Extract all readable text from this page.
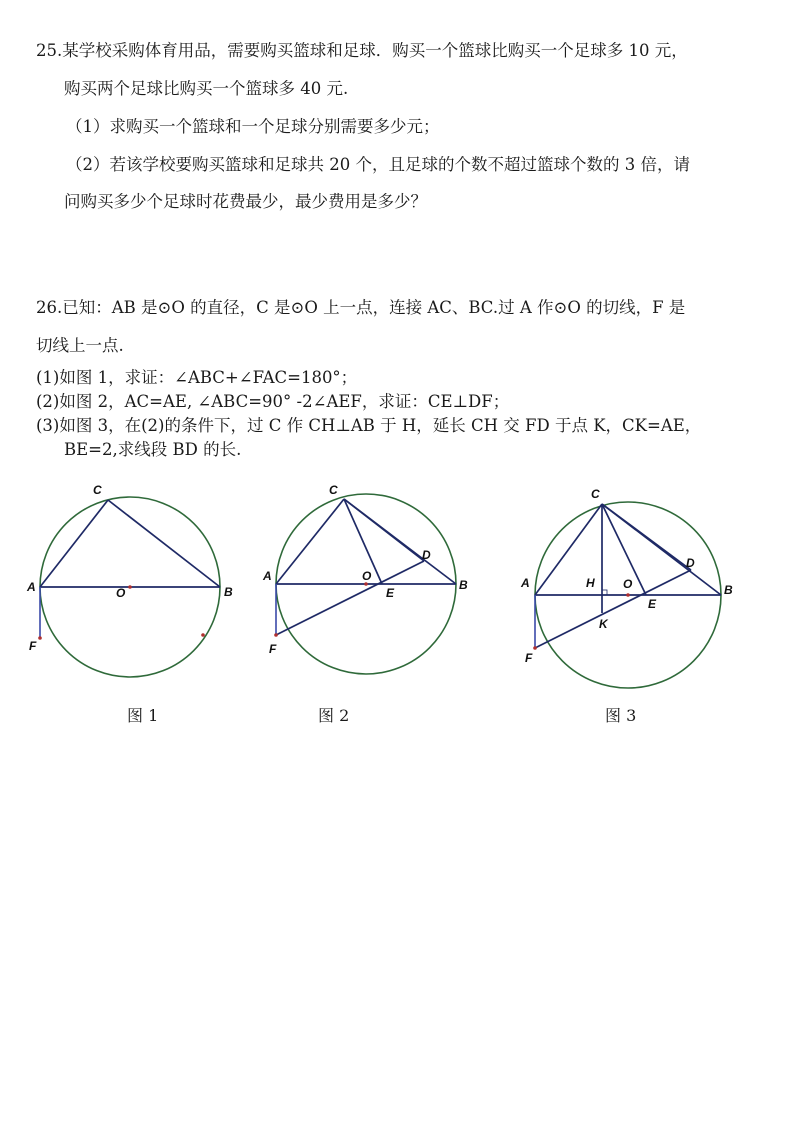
25.某学校采购体育用品，需要购买篮球和足球．购买一个篮球比购买一个足球多 10 元，
购买两个足球比购买一个篮球多 40 元.
（1）求购买一个篮球和一个足球分别需要多少元；
（2）若该学校要购买篮球和足球共 20 个，且足球的个数不超过篮球个数的 3 倍，请
问购买多少个足球时花费最少，最少费用是多少？
26.已知：AB 是⊙O 的直径，C 是⊙O 上一点，连接 AC、BC.过 A 作⊙O 的切线，F 是
切线上一点.
(1)如图 1，求证：∠ABC+∠FAC=180°；
(2)如图 2，AC=AE, ∠ABC=90° -2∠AEF，求证：CE⊥DF；
(3)如图 3，在(2)的条件下，过 C 作 CH⊥AB 于 H，延长 CH 交 FD 于点 K，CK=AE，
BE=2,求线段 BD 的长.
C
A	O	B
F
图 1
C
A	O
D
E
B
F
图 2
C
A	H O
D
E
B
K
F
图 3
